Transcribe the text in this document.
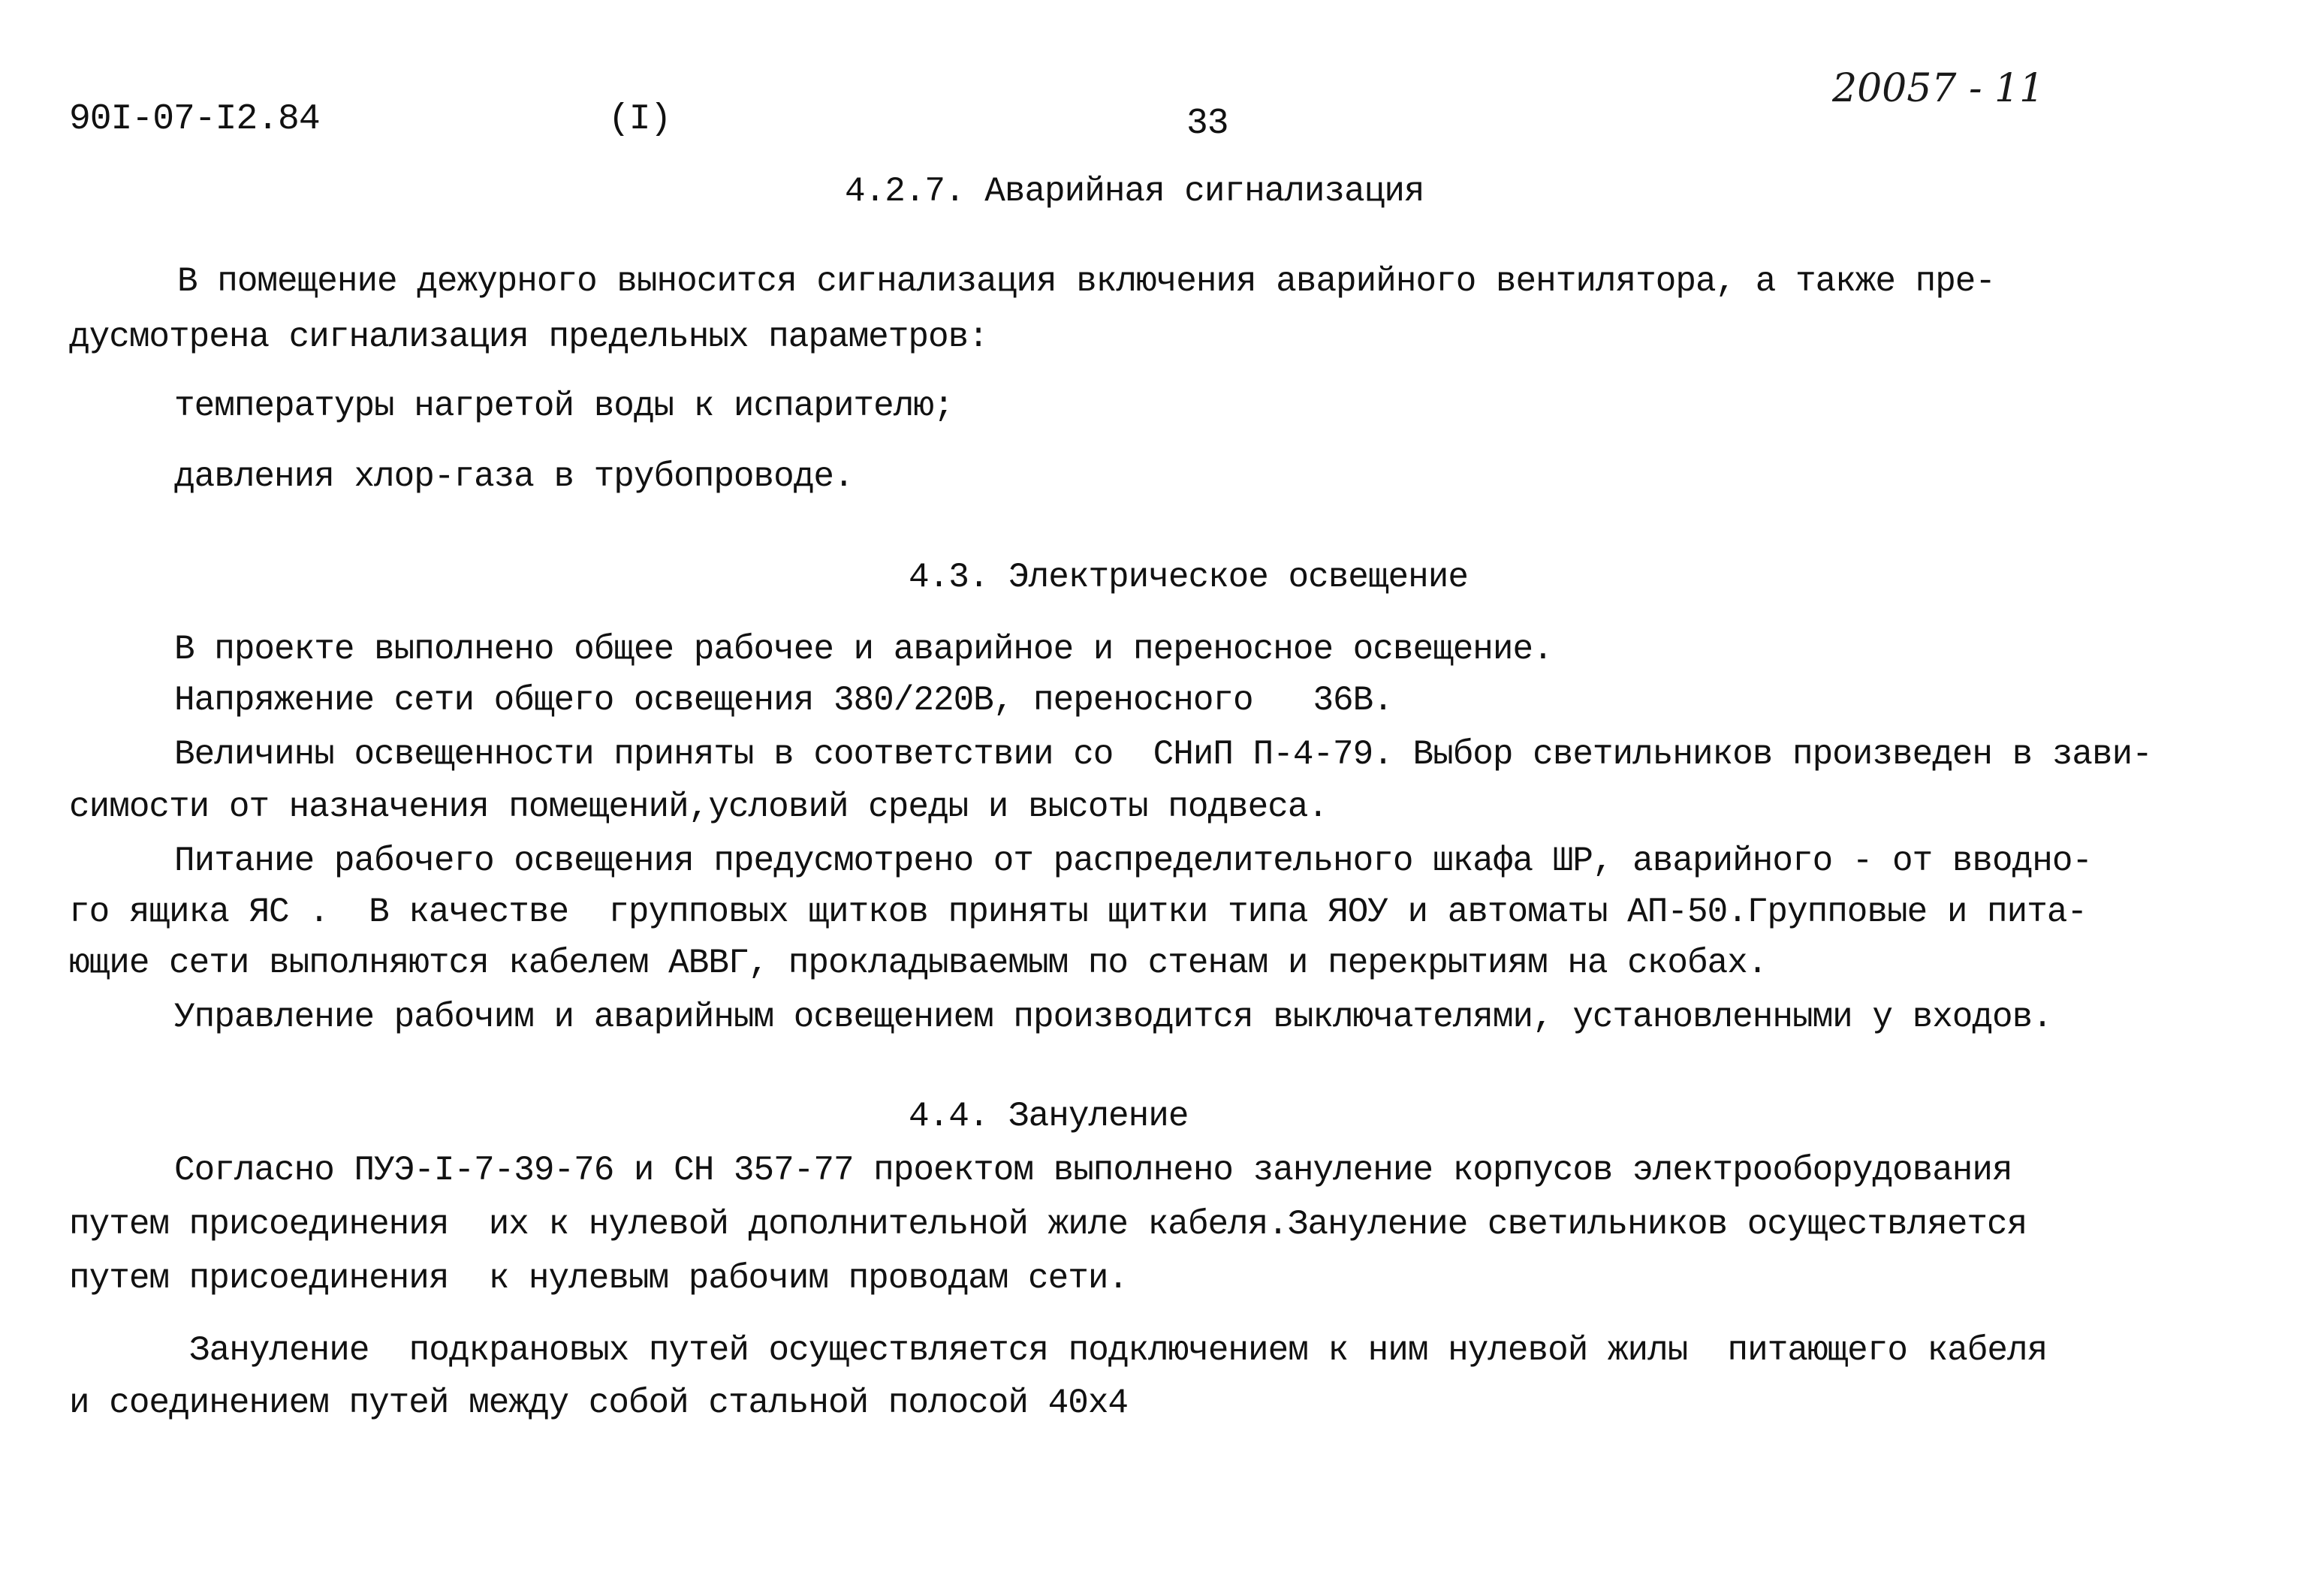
90I-07-I2.84	(I)	33
20057 - 11
4.2.7. Аварийная сигнализация
В помещение дежурного выносится сигнализация включения аварийного вентилятора, а также пре-
дусмотрена сигнализация предельных параметров:
температуры нагретой воды к испарителю;
давления хлор-газа в трубопроводе.
4.3. Электрическое освещение
В проекте выполнено общее рабочее и аварийное и переносное освещение.
Напряжение сети общего освещения 380/220В, переносного   36В.
Величины освещенности приняты в соответствии со  СНиП П-4-79. Выбор светильников произведен в зави-
симости от назначения помещений,условий среды и высоты подвеса.
Питание рабочего освещения предусмотрено от распределительного шкафа ШР, аварийного - от вводно-
го ящика ЯС .  В качестве  групповых щитков приняты щитки типа ЯОУ и автоматы АП-50.Групповые и пита-
ющие сети выполняются кабелем АВВГ, прокладываемым по стенам и перекрытиям на скобах.
Управление рабочим и аварийным освещением производится выключателями, установленными у входов.
4.4. Зануление
Согласно ПУЭ-I-7-39-76 и СН 357-77 проектом выполнено зануление корпусов электрооборудования
путем присоединения  их к нулевой дополнительной жиле кабеля.Зануление светильников осуществляется
путем присоединения  к нулевым рабочим проводам сети.
Зануление  подкрановых путей осуществляется подключением к ним нулевой жилы  питающего кабеля
и соединением путей между собой стальной полосой 40х4
